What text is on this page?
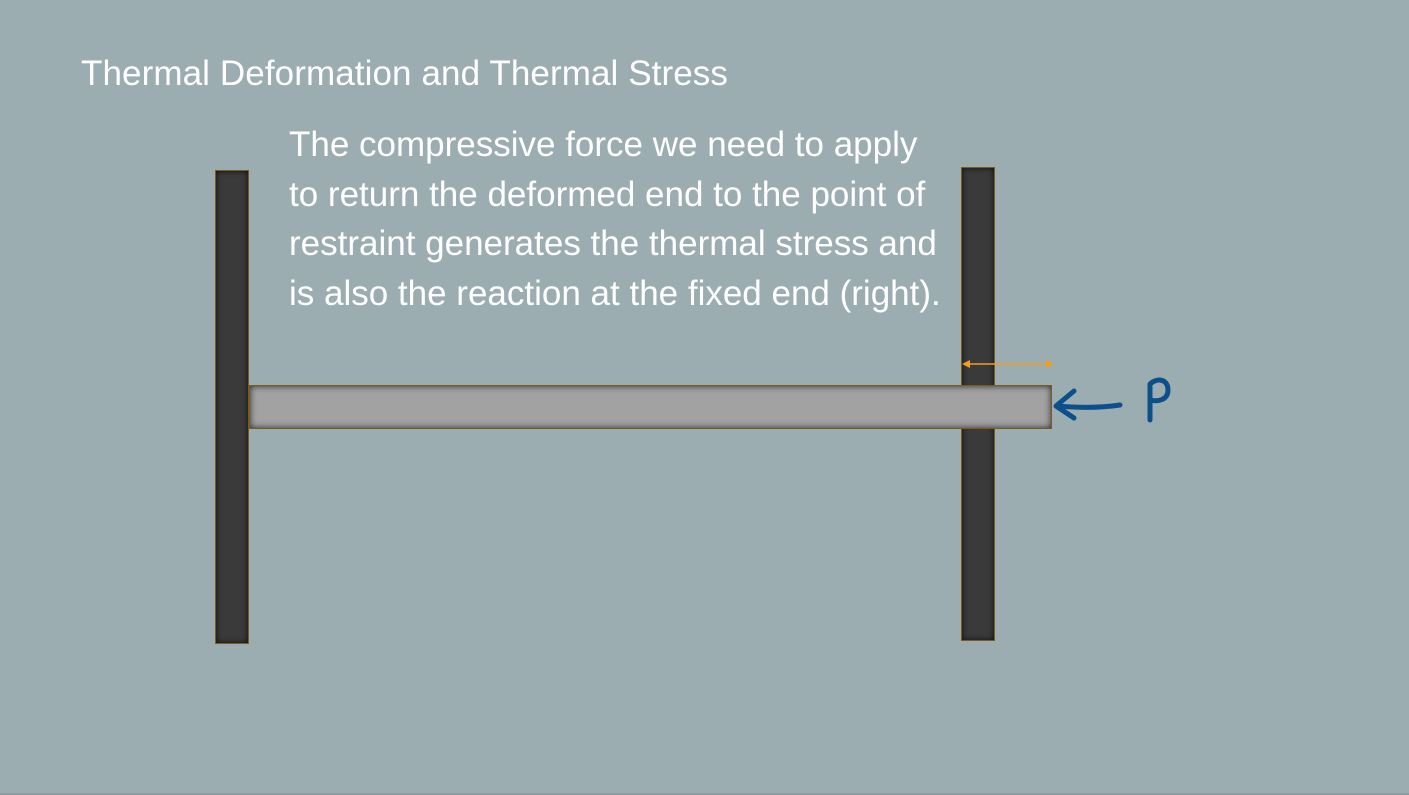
Thermal Deformation and Thermal Stress

The compressive force we need to apply to return the deformed end to the point of restraint generates the thermal stress and is also the reaction at the fixed end (right).
